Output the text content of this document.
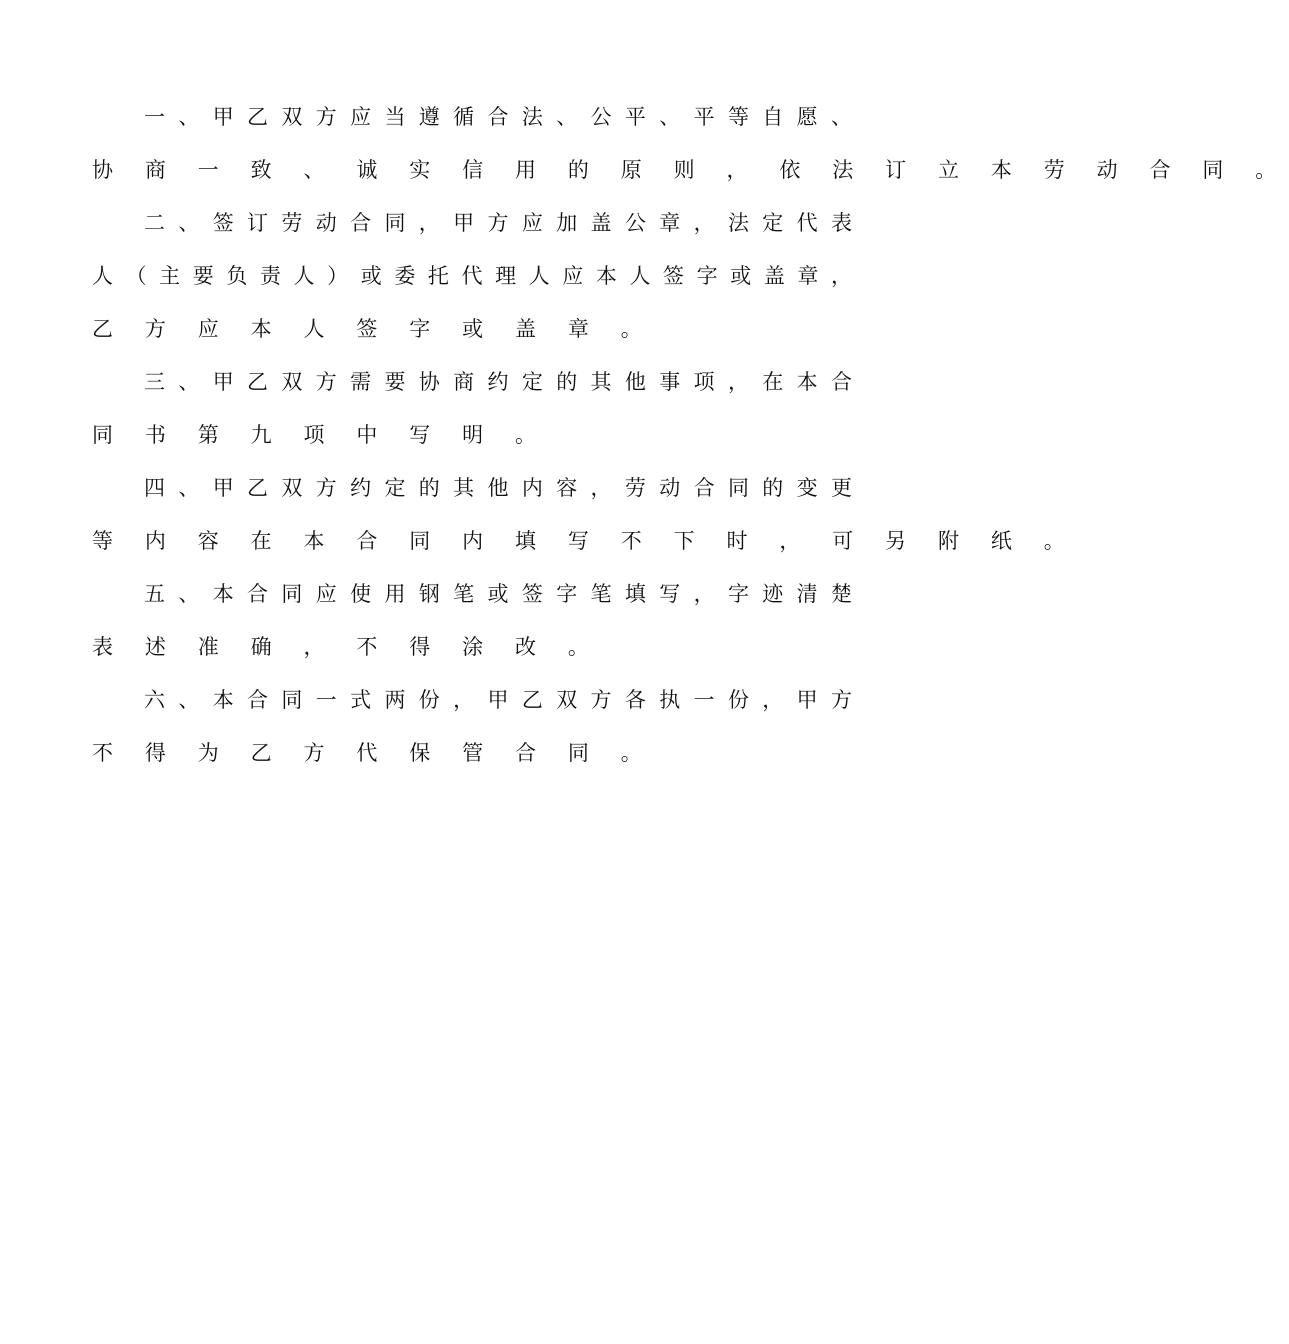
一 、 甲 乙 双 方 应 当 遵 循 合 法 、 公 平 、 平 等 自 愿 、
协 商 一 致 、 诚 实 信 用 的 原 则 ， 依 法 订 立 本 劳 动 合 同 。
二 、 签 订 劳 动 合 同 ， 甲 方 应 加 盖 公 章 ， 法 定 代 表
人 （ 主 要 负 责 人 ） 或 委 托 代 理 人 应 本 人 签 字 或 盖 章 ，
乙 方 应 本 人 签 字 或 盖 章 。
三 、 甲 乙 双 方 需 要 协 商 约 定 的 其 他 事 项 ， 在 本 合
同 书 第 九 项 中 写 明 。
四 、 甲 乙 双 方 约 定 的 其 他 内 容 ， 劳 动 合 同 的 变 更
等 内 容 在 本 合 同 内 填 写 不 下 时 ， 可 另 附 纸 。
五 、 本 合 同 应 使 用 钢 笔 或 签 字 笔 填 写 ， 字 迹 清 楚
表 述 准 确 ， 不 得 涂 改 。
六 、 本 合 同 一 式 两 份 ， 甲 乙 双 方 各 执 一 份 ， 甲 方
不 得 为 乙 方 代 保 管 合 同 。
